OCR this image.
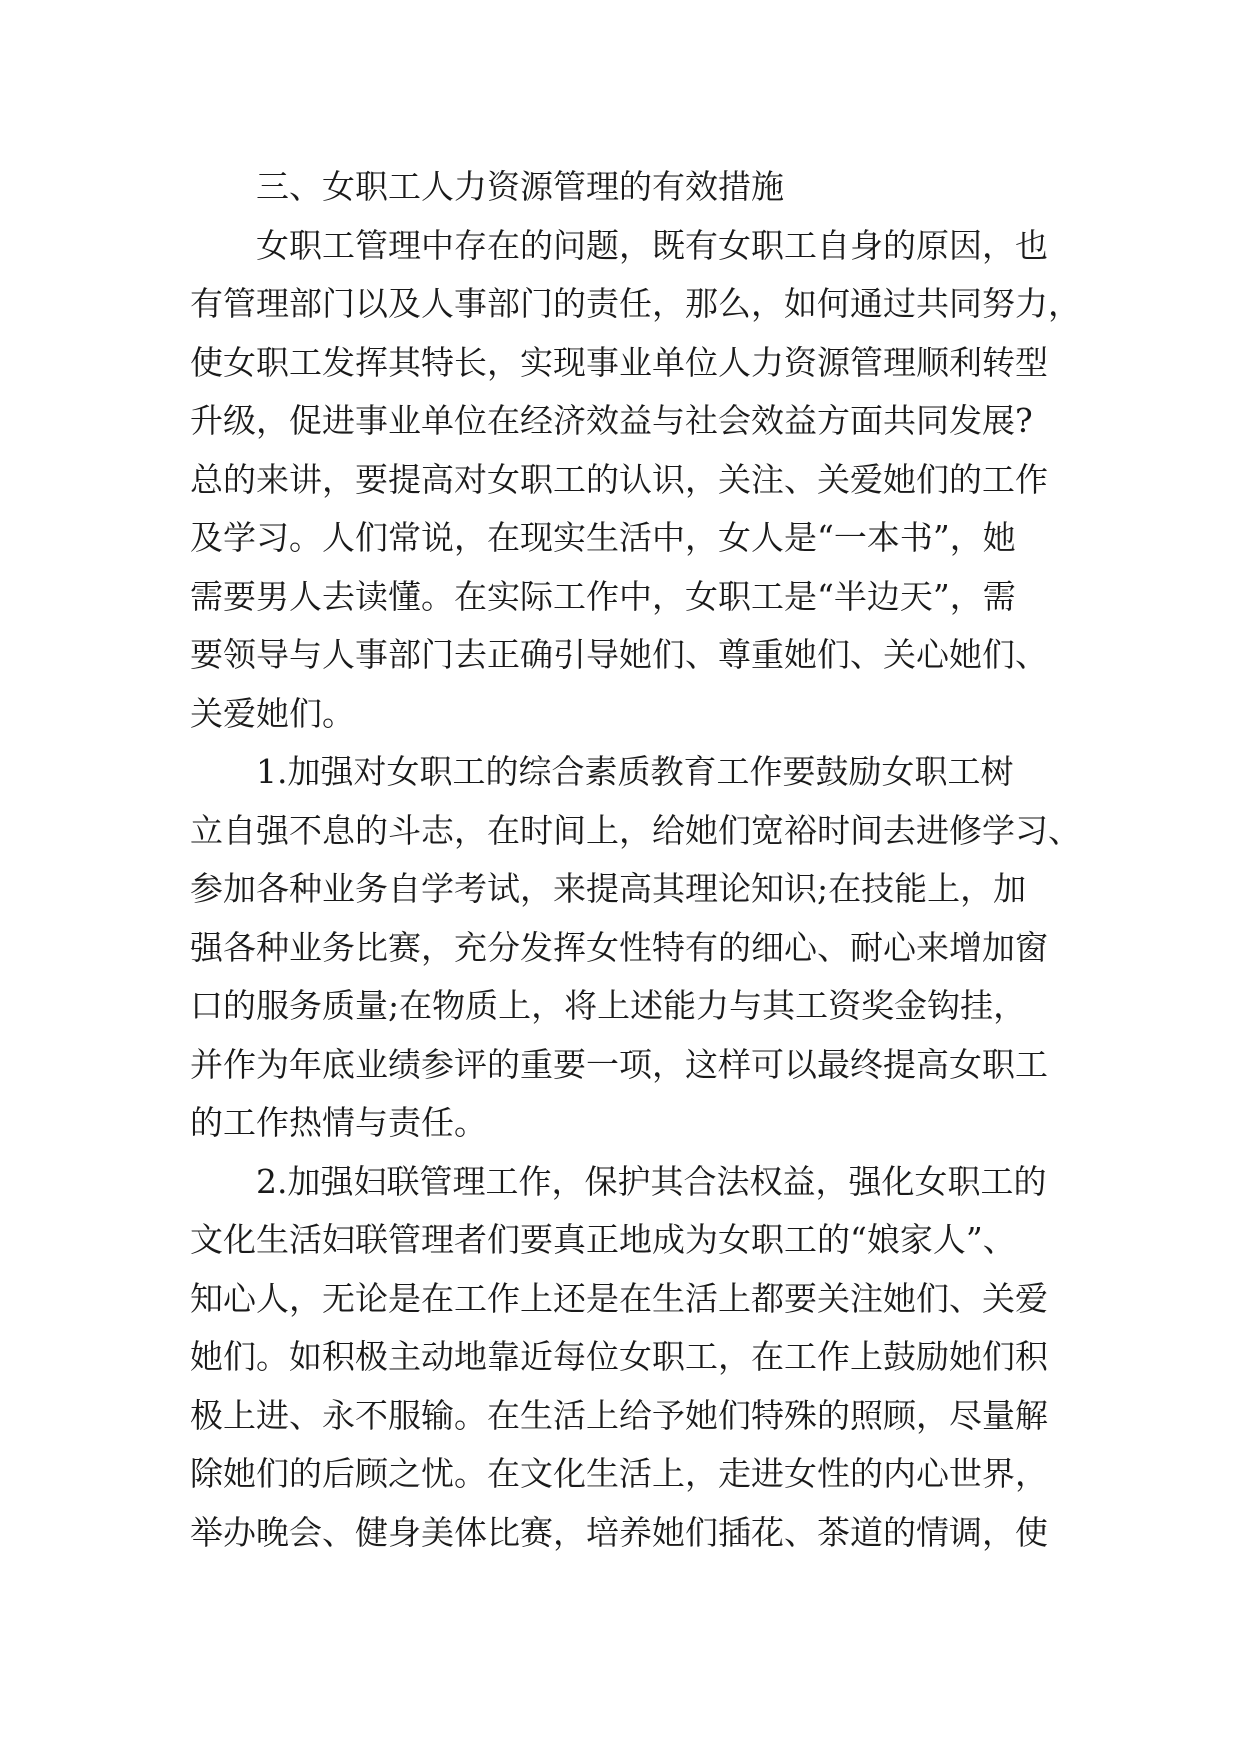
三、女职工人力资源管理的有效措施
女职工管理中存在的问题，既有女职工自身的原因，也
有管理部门以及人事部门的责任，那么，如何通过共同努力，
使女职工发挥其特长，实现事业单位人力资源管理顺利转型
升级，促进事业单位在经济效益与社会效益方面共同发展?
总的来讲，要提高对女职工的认识，关注、关爱她们的工作
及学习。人们常说，在现实生活中，女人是“一本书”，她
需要男人去读懂。在实际工作中，女职工是“半边天”，需
要领导与人事部门去正确引导她们、尊重她们、关心她们、
关爱她们。
1.加强对女职工的综合素质教育工作要鼓励女职工树
立自强不息的斗志，在时间上，给她们宽裕时间去进修学习、
参加各种业务自学考试，来提高其理论知识;在技能上，加
强各种业务比赛，充分发挥女性特有的细心、耐心来增加窗
口的服务质量;在物质上，将上述能力与其工资奖金钩挂，
并作为年底业绩参评的重要一项，这样可以最终提高女职工
的工作热情与责任。
2.加强妇联管理工作，保护其合法权益，强化女职工的
文化生活妇联管理者们要真正地成为女职工的“娘家人”、
知心人，无论是在工作上还是在生活上都要关注她们、关爱
她们。如积极主动地靠近每位女职工，在工作上鼓励她们积
极上进、永不服输。在生活上给予她们特殊的照顾，尽量解
除她们的后顾之忧。在文化生活上，走进女性的内心世界，
举办晚会、健身美体比赛，培养她们插花、茶道的情调，使
